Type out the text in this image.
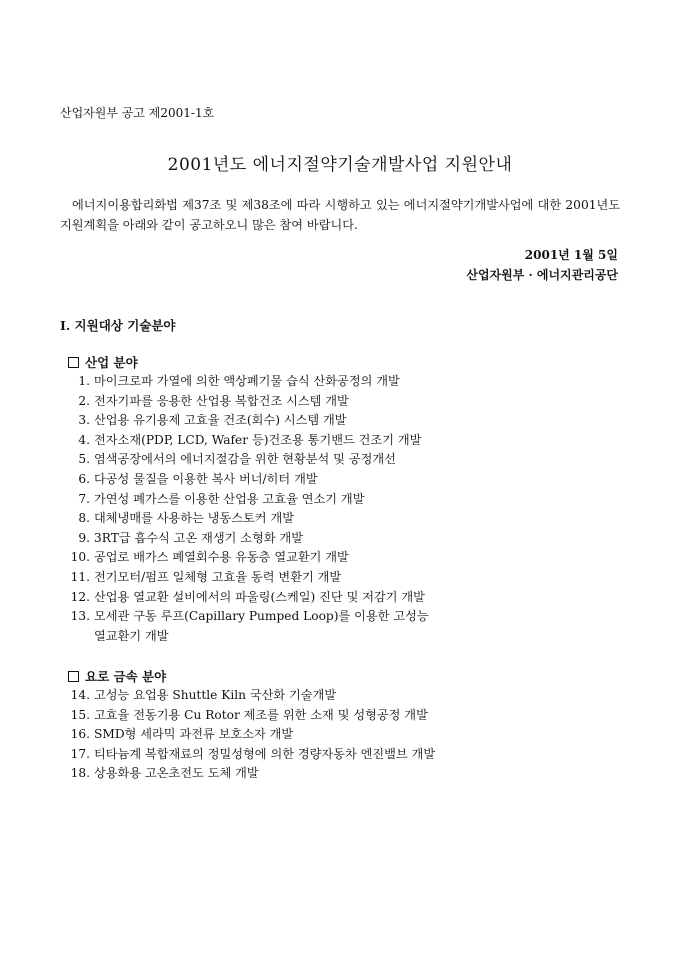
산업자원부 공고 제2001-1호
2001년도 에너지절약기술개발사업 지원안내
에너지이용합리화법 제37조 및 제38조에 따라 시행하고 있는 에너지절약기개발사업에 대한 2001년도 지원계획을 아래와 같이 공고하오니 많은 참여 바랍니다.
2001년 1월 5일
산업자원부 · 에너지관리공단
Ⅰ. 지원대상 기술분야
산업 분야
1. 마이크로파 가열에 의한 액상폐기물 습식 산화공정의 개발
2. 전자기파를 응용한 산업용 복합건조 시스템 개발
3. 산업용 유기용제 고효율 건조(회수) 시스템 개발
4. 전자소재(PDP, LCD, Wafer 등)건조용 통기밴드 건조기 개발
5. 염색공장에서의 에너지절감을 위한 현황분석 및 공정개선
6. 다공성 물질을 이용한 복사 버너/히터 개발
7. 가연성 폐가스를 이용한 산업용 고효율 연소기 개발
8. 대체냉매를 사용하는 냉동스토커 개발
9. 3RT급 흡수식 고온 재생기 소형화 개발
10. 공업로 배가스 폐열회수용 유동층 열교환기 개발
11. 전기모터/펌프 일체형 고효율 동력 변환기 개발
12. 산업용 열교환 설비에서의 파울링(스케일) 진단 및 저감기 개발
13. 모세관 구동 루프(Capillary Pumped Loop)를 이용한 고성능
열교환기 개발
요로 금속 분야
14. 고성능 요업용 Shuttle Kiln 국산화 기술개발
15. 고효율 전동기용 Cu Rotor 제조를 위한 소재 및 성형공정 개발
16. SMD형 세라믹 과전류 보호소자 개발
17. 티타늄계 복합재료의 정밀성형에 의한 경량자동차 엔진밸브 개발
18. 상용화용 고온초전도 도체 개발
